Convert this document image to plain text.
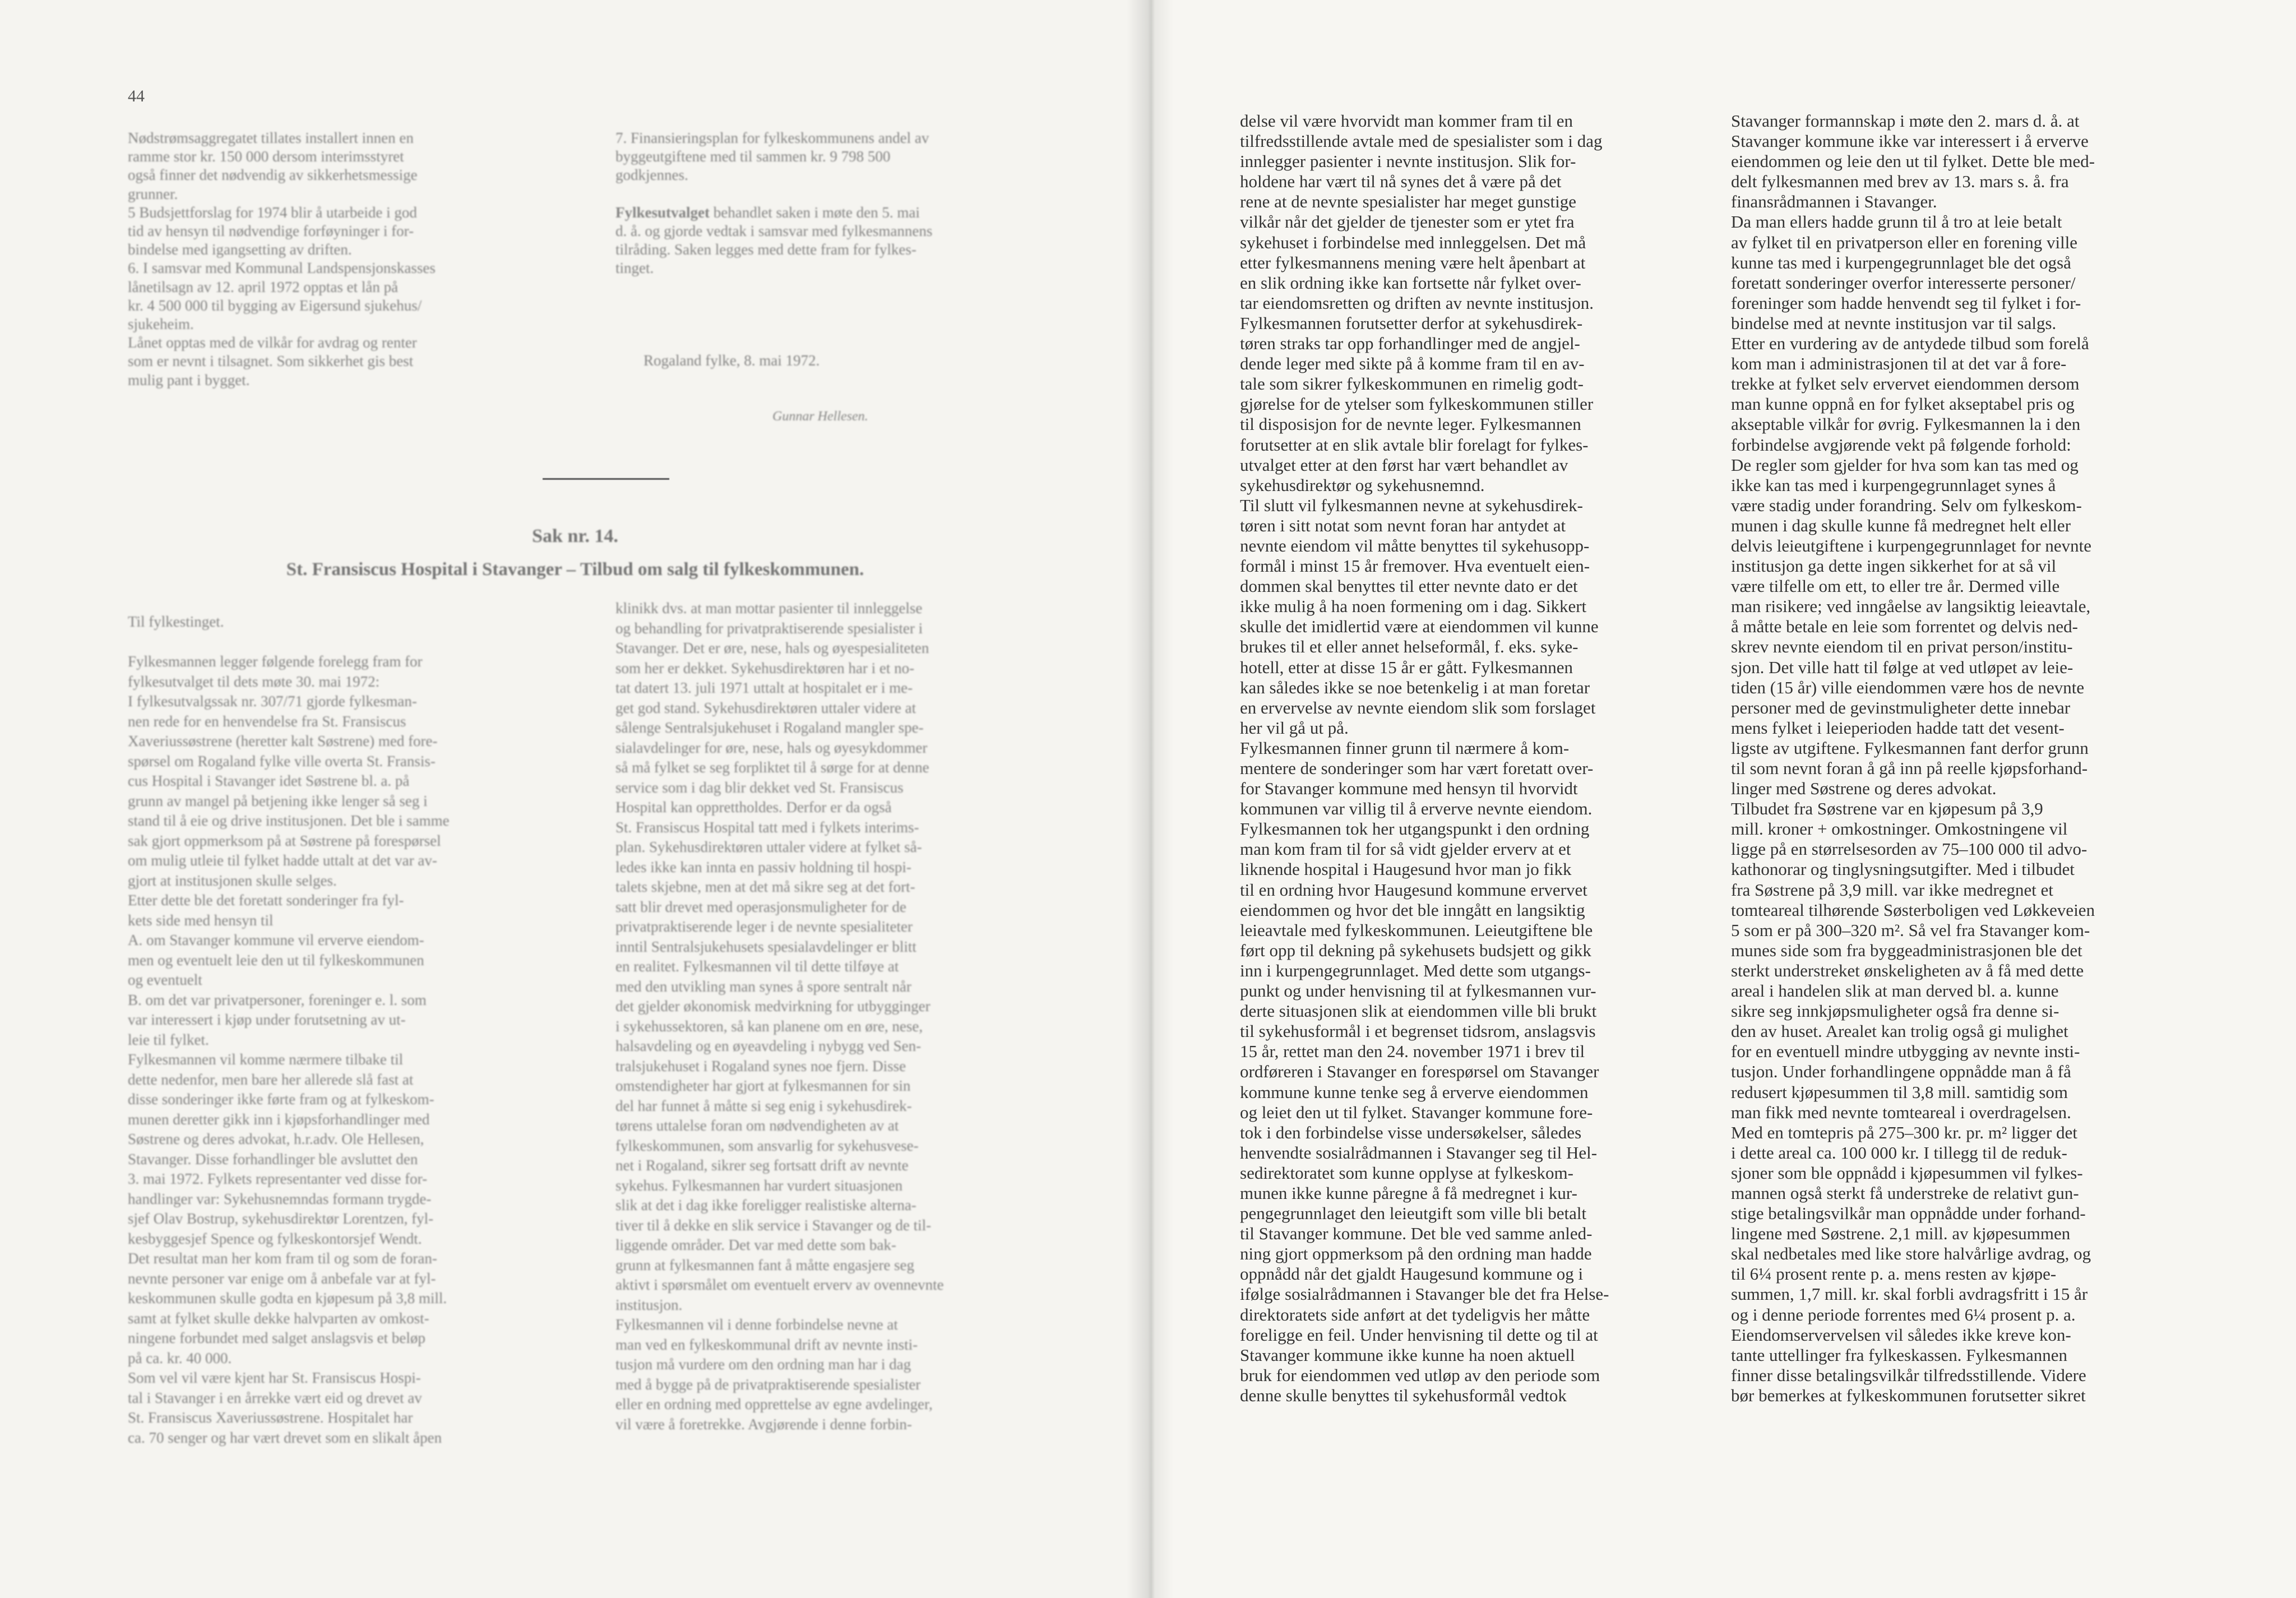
44

Nødstrømsaggregatet tillates installert innen en

ramme stor kr. 150 000 dersom interimsstyret

også finner det nødvendig av sikkerhetsmessige

grunner.

5 Budsjettforslag for 1974 blir å utarbeide i god

tid av hensyn til nødvendige forføyninger i for-

bindelse med igangsetting av driften.

6. I samsvar med Kommunal Landspensjonskasses

lånetilsagn av 12. april 1972 opptas et lån på

kr. 4 500 000 til bygging av Eigersund sjukehus/

sjukeheim.

Lånet opptas med de vilkår for avdrag og renter

som er nevnt i tilsagnet. Som sikkerhet gis best

mulig pant i bygget.

7. Finansieringsplan for fylkeskommunens andel av

byggeutgiftene med til sammen kr. 9 798 500

godkjennes.

Fylkesutvalget behandlet saken i møte den 5. mai

d. å. og gjorde vedtak i samsvar med fylkesmannens

tilråding. Saken legges med dette fram for fylkes-

tinget.

Rogaland fylke, 8. mai 1972.

Gunnar Hellesen.

Sak nr. 14.
St. Fransiscus Hospital i Stavanger – Tilbud om salg til fylkeskommunen.

Til fylkestinget.

Fylkesmannen legger følgende forelegg fram for

fylkesutvalget til dets møte 30. mai 1972:

I fylkesutvalgssak nr. 307/71 gjorde fylkesman-

nen rede for en henvendelse fra St. Fransiscus

Xaveriussøstrene (heretter kalt Søstrene) med fore-

spørsel om Rogaland fylke ville overta St. Fransis-

cus Hospital i Stavanger idet Søstrene bl. a. på

grunn av mangel på betjening ikke lenger så seg i

stand til å eie og drive institusjonen. Det ble i samme

sak gjort oppmerksom på at Søstrene på forespørsel

om mulig utleie til fylket hadde uttalt at det var av-

gjort at institusjonen skulle selges.

Etter dette ble det foretatt sonderinger fra fyl-

kets side med hensyn til

A. om Stavanger kommune vil erverve eiendom-

men og eventuelt leie den ut til fylkeskommunen

og eventuelt

B. om det var privatpersoner, foreninger e. l. som

var interessert i kjøp under forutsetning av ut-

leie til fylket.

Fylkesmannen vil komme nærmere tilbake til

dette nedenfor, men bare her allerede slå fast at

disse sonderinger ikke førte fram og at fylkeskom-

munen deretter gikk inn i kjøpsforhandlinger med

Søstrene og deres advokat, h.r.adv. Ole Hellesen,

Stavanger. Disse forhandlinger ble avsluttet den

3. mai 1972. Fylkets representanter ved disse for-

handlinger var: Sykehusnemndas formann trygde-

sjef Olav Bostrup, sykehusdirektør Lorentzen, fyl-

kesbyggesjef Spence og fylkeskontorsjef Wendt.

Det resultat man her kom fram til og som de foran-

nevnte personer var enige om å anbefale var at fyl-

keskommunen skulle godta en kjøpesum på 3,8 mill.

samt at fylket skulle dekke halvparten av omkost-

ningene forbundet med salget anslagsvis et beløp

på ca. kr. 40 000.

Som vel vil være kjent har St. Fransiscus Hospi-

tal i Stavanger i en årrekke vært eid og drevet av

St. Fransiscus Xaveriussøstrene. Hospitalet har

ca. 70 senger og har vært drevet som en slikalt åpen

klinikk dvs. at man mottar pasienter til innleggelse

og behandling for privatpraktiserende spesialister i

Stavanger. Det er øre, nese, hals og øyespesialiteten

som her er dekket. Sykehusdirektøren har i et no-

tat datert 13. juli 1971 uttalt at hospitalet er i me-

get god stand. Sykehusdirektøren uttaler videre at

sålenge Sentralsjukehuset i Rogaland mangler spe-

sialavdelinger for øre, nese, hals og øyesykdommer

så må fylket se seg forpliktet til å sørge for at denne

service som i dag blir dekket ved St. Fransiscus

Hospital kan opprettholdes. Derfor er da også

St. Fransiscus Hospital tatt med i fylkets interims-

plan. Sykehusdirektøren uttaler videre at fylket så-

ledes ikke kan innta en passiv holdning til hospi-

talets skjebne, men at det må sikre seg at det fort-

satt blir drevet med operasjonsmuligheter for de

privatpraktiserende leger i de nevnte spesialiteter

inntil Sentralsjukehusets spesialavdelinger er blitt

en realitet. Fylkesmannen vil til dette tilføye at

med den utvikling man synes å spore sentralt når

det gjelder økonomisk medvirkning for utbygginger

i sykehussektoren, så kan planene om en øre, nese,

halsavdeling og en øyeavdeling i nybygg ved Sen-

tralsjukehuset i Rogaland synes noe fjern. Disse

omstendigheter har gjort at fylkesmannen for sin

del har funnet å måtte si seg enig i sykehusdirek-

tørens uttalelse foran om nødvendigheten av at

fylkeskommunen, som ansvarlig for sykehusvese-

net i Rogaland, sikrer seg fortsatt drift av nevnte

sykehus. Fylkesmannen har vurdert situasjonen

slik at det i dag ikke foreligger realistiske alterna-

tiver til å dekke en slik service i Stavanger og de til-

liggende områder. Det var med dette som bak-

grunn at fylkesmannen fant å måtte engasjere seg

aktivt i spørsmålet om eventuelt erverv av ovennevnte

institusjon.

Fylkesmannen vil i denne forbindelse nevne at

man ved en fylkeskommunal drift av nevnte insti-

tusjon må vurdere om den ordning man har i dag

med å bygge på de privatpraktiserende spesialister

eller en ordning med opprettelse av egne avdelinger,

vil være å foretrekke. Avgjørende i denne forbin-

delse vil være hvorvidt man kommer fram til en

tilfredsstillende avtale med de spesialister som i dag

innlegger pasienter i nevnte institusjon. Slik for-

holdene har vært til nå synes det å være på det

rene at de nevnte spesialister har meget gunstige

vilkår når det gjelder de tjenester som er ytet fra

sykehuset i forbindelse med innleggelsen. Det må

etter fylkesmannens mening være helt åpenbart at

en slik ordning ikke kan fortsette når fylket over-

tar eiendomsretten og driften av nevnte institusjon.

Fylkesmannen forutsetter derfor at sykehusdirek-

tøren straks tar opp forhandlinger med de angjel-

dende leger med sikte på å komme fram til en av-

tale som sikrer fylkeskommunen en rimelig godt-

gjørelse for de ytelser som fylkeskommunen stiller

til disposisjon for de nevnte leger. Fylkesmannen

forutsetter at en slik avtale blir forelagt for fylkes-

utvalget etter at den først har vært behandlet av

sykehusdirektør og sykehusnemnd.

Til slutt vil fylkesmannen nevne at sykehusdirek-

tøren i sitt notat som nevnt foran har antydet at

nevnte eiendom vil måtte benyttes til sykehusopp-

formål i minst 15 år fremover. Hva eventuelt eien-

dommen skal benyttes til etter nevnte dato er det

ikke mulig å ha noen formening om i dag. Sikkert

skulle det imidlertid være at eiendommen vil kunne

brukes til et eller annet helseformål, f. eks. syke-

hotell, etter at disse 15 år er gått. Fylkesmannen

kan således ikke se noe betenkelig i at man foretar

en ervervelse av nevnte eiendom slik som forslaget

her vil gå ut på.

Fylkesmannen finner grunn til nærmere å kom-

mentere de sonderinger som har vært foretatt over-

for Stavanger kommune med hensyn til hvorvidt

kommunen var villig til å erverve nevnte eiendom.

Fylkesmannen tok her utgangspunkt i den ordning

man kom fram til for så vidt gjelder erverv at et

liknende hospital i Haugesund hvor man jo fikk

til en ordning hvor Haugesund kommune ervervet

eiendommen og hvor det ble inngått en langsiktig

leieavtale med fylkeskommunen. Leieutgiftene ble

ført opp til dekning på sykehusets budsjett og gikk

inn i kurpengegrunnlaget. Med dette som utgangs-

punkt og under henvisning til at fylkesmannen vur-

derte situasjonen slik at eiendommen ville bli brukt

til sykehusformål i et begrenset tidsrom, anslagsvis

15 år, rettet man den 24. november 1971 i brev til

ordføreren i Stavanger en forespørsel om Stavanger

kommune kunne tenke seg å erverve eiendommen

og leiet den ut til fylket. Stavanger kommune fore-

tok i den forbindelse visse undersøkelser, således

henvendte sosialrådmannen i Stavanger seg til Hel-

sedirektoratet som kunne opplyse at fylkeskom-

munen ikke kunne påregne å få medregnet i kur-

pengegrunnlaget den leieutgift som ville bli betalt

til Stavanger kommune. Det ble ved samme anled-

ning gjort oppmerksom på den ordning man hadde

oppnådd når det gjaldt Haugesund kommune og i

ifølge sosialrådmannen i Stavanger ble det fra Helse-

direktoratets side anført at det tydeligvis her måtte

foreligge en feil. Under henvisning til dette og til at

Stavanger kommune ikke kunne ha noen aktuell

bruk for eiendommen ved utløp av den periode som

denne skulle benyttes til sykehusformål vedtok

Stavanger formannskap i møte den 2. mars d. å. at

Stavanger kommune ikke var interessert i å erverve

eiendommen og leie den ut til fylket. Dette ble med-

delt fylkesmannen med brev av 13. mars s. å. fra

finansrådmannen i Stavanger.

Da man ellers hadde grunn til å tro at leie betalt

av fylket til en privatperson eller en forening ville

kunne tas med i kurpengegrunnlaget ble det også

foretatt sonderinger overfor interesserte personer/

foreninger som hadde henvendt seg til fylket i for-

bindelse med at nevnte institusjon var til salgs.

Etter en vurdering av de antydede tilbud som forelå

kom man i administrasjonen til at det var å fore-

trekke at fylket selv ervervet eiendommen dersom

man kunne oppnå en for fylket akseptabel pris og

akseptable vilkår for øvrig. Fylkesmannen la i den

forbindelse avgjørende vekt på følgende forhold:

De regler som gjelder for hva som kan tas med og

ikke kan tas med i kurpengegrunnlaget synes å

være stadig under forandring. Selv om fylkeskom-

munen i dag skulle kunne få medregnet helt eller

delvis leieutgiftene i kurpengegrunnlaget for nevnte

institusjon ga dette ingen sikkerhet for at så vil

være tilfelle om ett, to eller tre år. Dermed ville

man risikere; ved inngåelse av langsiktig leieavtale,

å måtte betale en leie som forrentet og delvis ned-

skrev nevnte eiendom til en privat person/institu-

sjon. Det ville hatt til følge at ved utløpet av leie-

tiden (15 år) ville eiendommen være hos de nevnte

personer med de gevinstmuligheter dette innebar

mens fylket i leieperioden hadde tatt det vesent-

ligste av utgiftene. Fylkesmannen fant derfor grunn

til som nevnt foran å gå inn på reelle kjøpsforhand-

linger med Søstrene og deres advokat.

Tilbudet fra Søstrene var en kjøpesum på 3,9

mill. kroner + omkostninger. Omkostningene vil

ligge på en størrelsesorden av 75–100 000 til advo-

kathonorar og tinglysningsutgifter. Med i tilbudet

fra Søstrene på 3,9 mill. var ikke medregnet et

tomteareal tilhørende Søsterboligen ved Løkkeveien

5 som er på 300–320 m². Så vel fra Stavanger kom-

munes side som fra byggeadministrasjonen ble det

sterkt understreket ønskeligheten av å få med dette

areal i handelen slik at man derved bl. a. kunne

sikre seg innkjøpsmuligheter også fra denne si-

den av huset. Arealet kan trolig også gi mulighet

for en eventuell mindre utbygging av nevnte insti-

tusjon. Under forhandlingene oppnådde man å få

redusert kjøpesummen til 3,8 mill. samtidig som

man fikk med nevnte tomteareal i overdragelsen.

Med en tomtepris på 275–300 kr. pr. m² ligger det

i dette areal ca. 100 000 kr. I tillegg til de reduk-

sjoner som ble oppnådd i kjøpesummen vil fylkes-

mannen også sterkt få understreke de relativt gun-

stige betalingsvilkår man oppnådde under forhand-

lingene med Søstrene. 2,1 mill. av kjøpesummen

skal nedbetales med like store halvårlige avdrag, og

til 6¼ prosent rente p. a. mens resten av kjøpe-

summen, 1,7 mill. kr. skal forbli avdragsfritt i 15 år

og i denne periode forrentes med 6¼ prosent p. a.

Eiendomservervelsen vil således ikke kreve kon-

tante uttellinger fra fylkeskassen. Fylkesmannen

finner disse betalingsvilkår tilfredsstillende. Videre

bør bemerkes at fylkeskommunen forutsetter sikret
